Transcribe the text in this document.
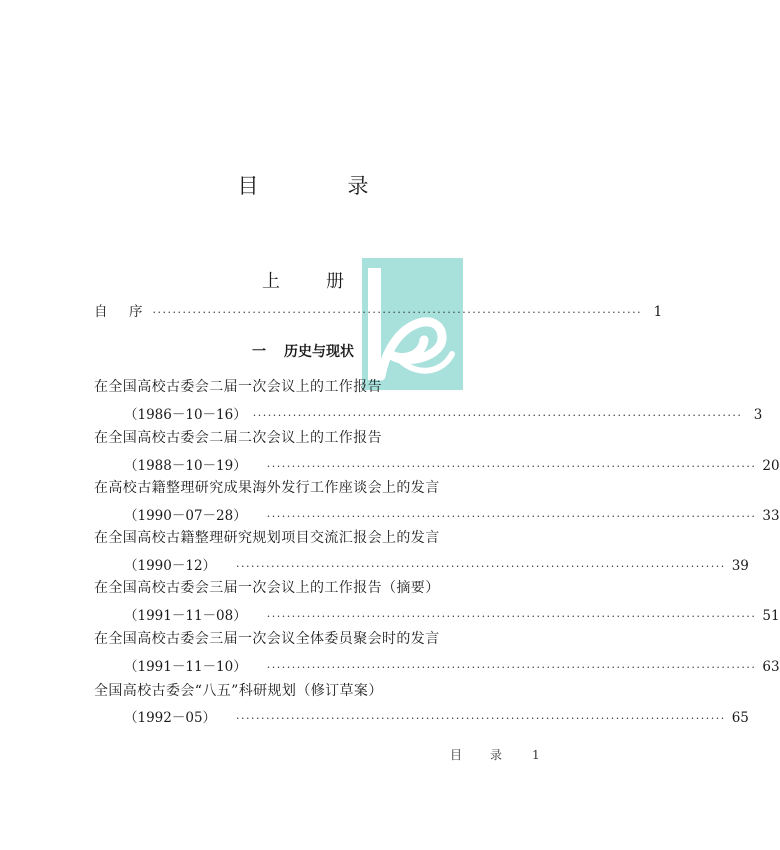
目　录
上　册
自　序 ·································································································· 1
一 历史与现状
在全国高校古委会二届一次会议上的工作报告
（1986－10－16） ·································································································· 3
在全国高校古委会二届二次会议上的工作报告
（1988－10－19） ·································································································· 20
在高校古籍整理研究成果海外发行工作座谈会上的发言
（1990－07－28） ·································································································· 33
在全国高校古籍整理研究规划项目交流汇报会上的发言
（1990－12） ·································································································· 39
在全国高校古委会三届一次会议上的工作报告（摘要）
（1991－11－08） ·································································································· 51
在全国高校古委会三届一次会议全体委员聚会时的发言
（1991－11－10） ·································································································· 63
全国高校古委会“八五”科研规划（修订草案）
（1992－05） ·································································································· 65
目　录 1
